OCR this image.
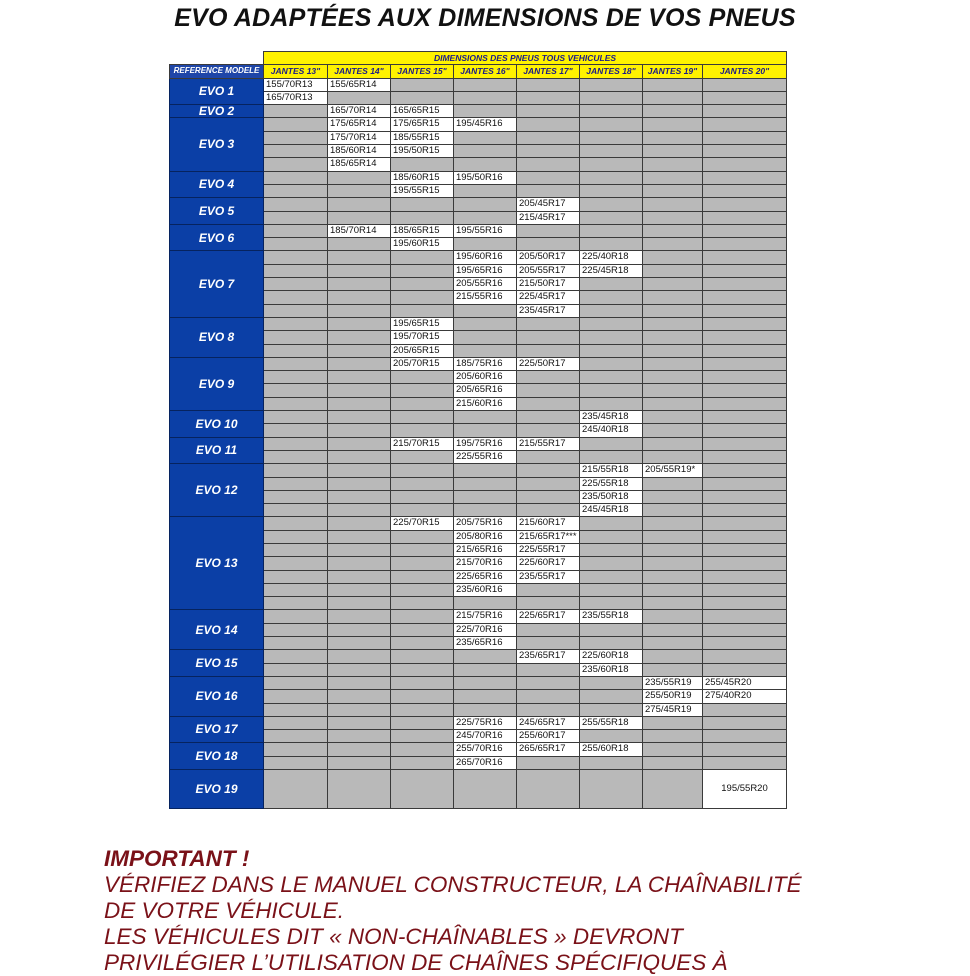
EVO ADAPTÉES AUX DIMENSIONS DE VOS PNEUS
	DIMENSIONS DES PNEUS TOUS VEHICULES							
REFERENCE MODELE	JANTES 13"	JANTES 14"	JANTES 15"	JANTES 16"	JANTES 17"	JANTES 18"	JANTES 19"	JANTES 20"
EVO 1	155/70R13	155/65R14						
	165/70R13							
EVO 2		165/70R14	165/65R15					
EVO 3		175/65R14	175/65R15	195/45R16				
		175/70R14	185/55R15					
		185/60R14	195/50R15					
		185/65R14						
EVO 4			185/60R15	195/50R16				
			195/55R15					
EVO 5					205/45R17			
					215/45R17			
EVO 6		185/70R14	185/65R15	195/55R16				
			195/60R15					
EVO 7				195/60R16	205/50R17	225/40R18		
				195/65R16	205/55R17	225/45R18		
				205/55R16	215/50R17			
				215/55R16	225/45R17			
					235/45R17			
EVO 8			195/65R15					
			195/70R15					
			205/65R15					
EVO 9			205/70R15	185/75R16	225/50R17			
				205/60R16				
				205/65R16				
				215/60R16				
EVO 10						235/45R18		
						245/40R18		
EVO 11			215/70R15	195/75R16	215/55R17			
				225/55R16				
EVO 12						215/55R18	205/55R19*	
						225/55R18		
						235/50R18		
						245/45R18		
EVO 13			225/70R15	205/75R16	215/60R17			
				205/80R16	215/65R17***			
				215/65R16	225/55R17			
				215/70R16	225/60R17			
				225/65R16	235/55R17			
				235/60R16				

EVO 14				215/75R16	225/65R17	235/55R18		
				225/70R16				
				235/65R16				
EVO 15					235/65R17	225/60R18		
						235/60R18		
EVO 16							235/55R19	255/45R20
							255/50R19	275/40R20
							275/45R19	
EVO 17				225/75R16	245/65R17	255/55R18		
				245/70R16	255/60R17			
EVO 18				255/70R16	265/65R17	255/60R18		
				265/70R16				
EVO 19								195/55R20
IMPORTANT !
VÉRIFIEZ DANS LE MANUEL CONSTRUCTEUR, LA CHAÎNABILITÉ
DE VOTRE VÉHICULE.
LES VÉHICULES DIT « NON-CHAÎNABLES » DEVRONT
PRIVILÉGIER L’UTILISATION DE CHAÎNES SPÉCIFIQUES À
